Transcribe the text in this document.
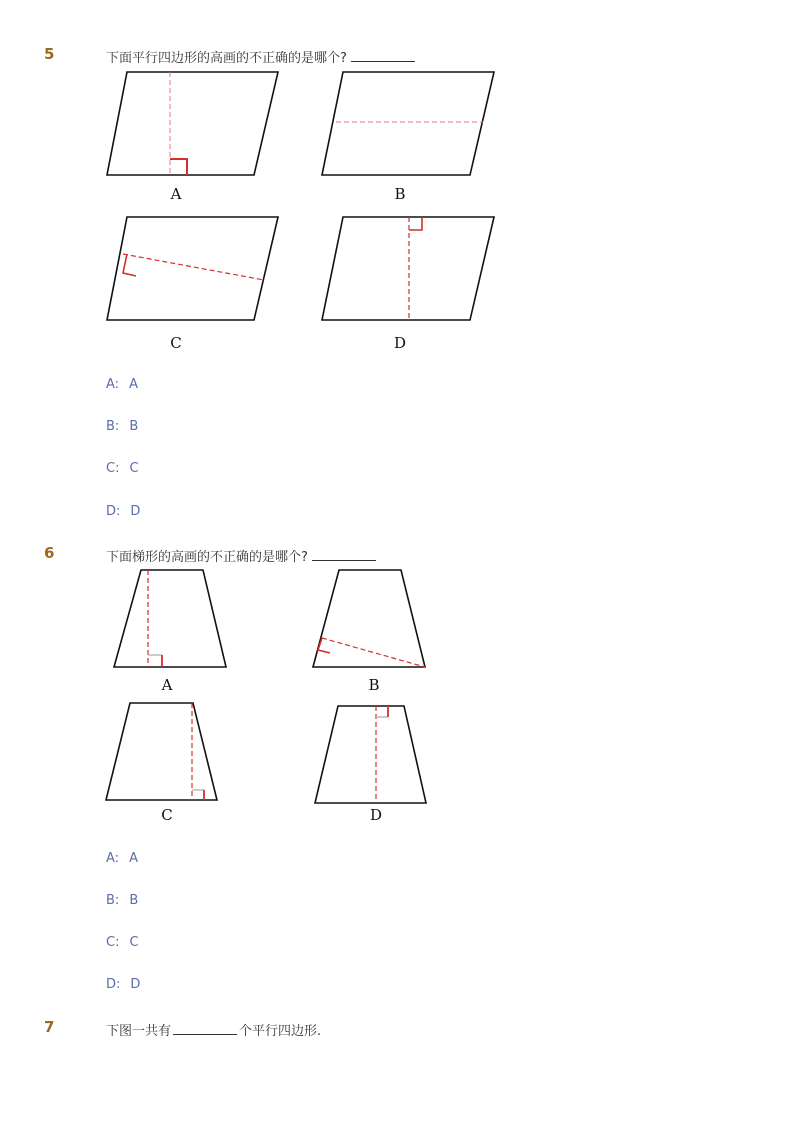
5	下面平行四边形的高画的不正确的是哪个?
A	B
C	D
A: A
B: B
C: C
D: D
6	下面梯形的高画的不正确的是哪个?
A	B
C	D
A: A
B: B
C: C
D: D
7	下图一共有	个平行四边形.
